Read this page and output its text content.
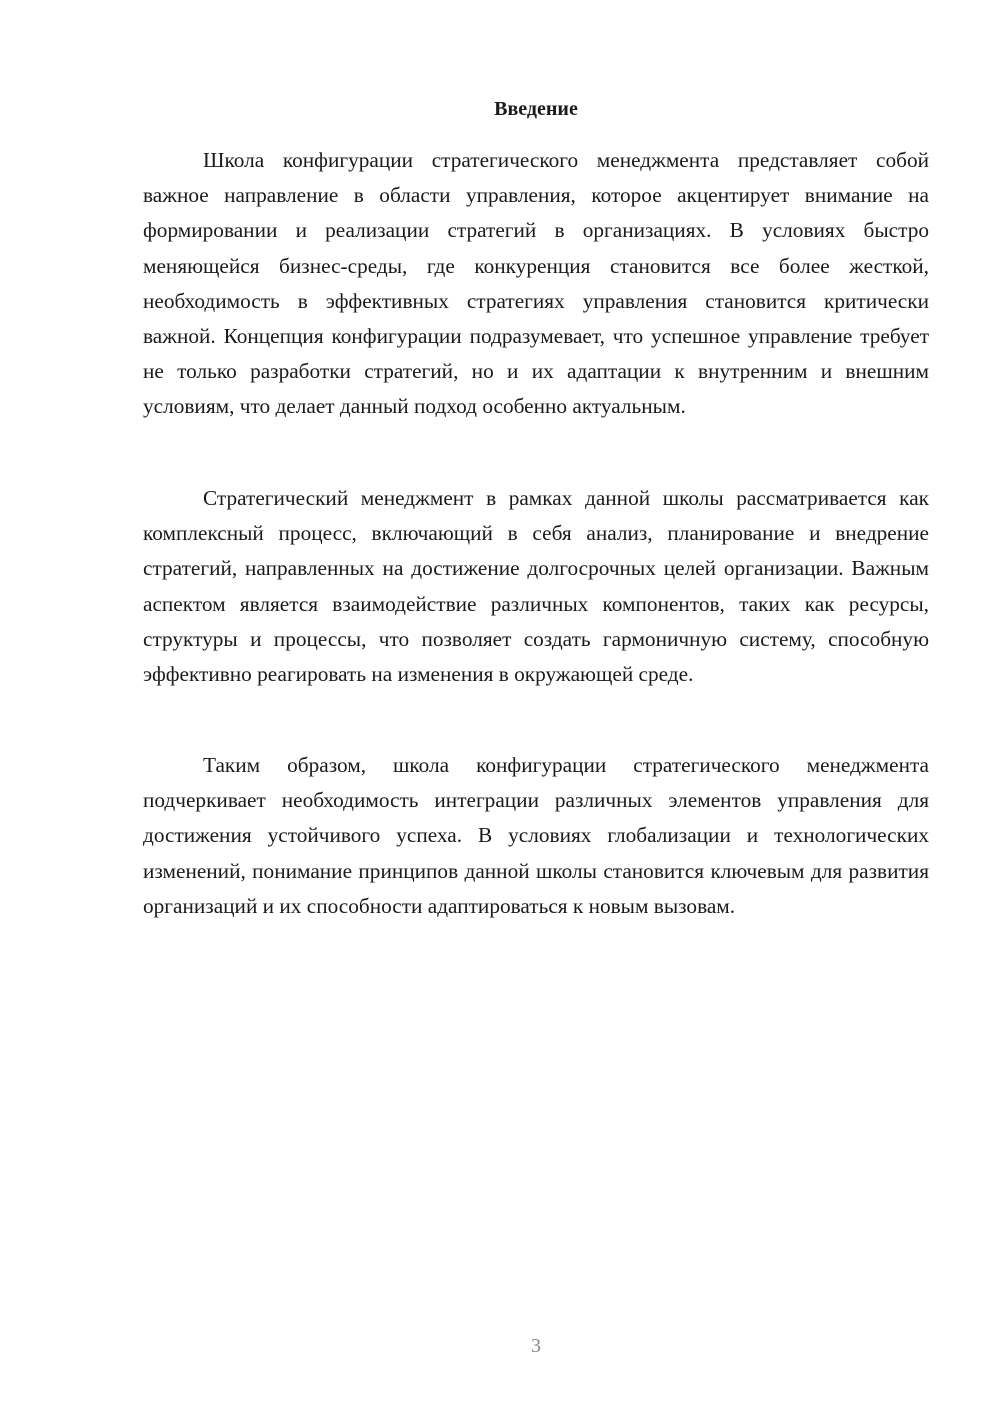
Введение

Школа конфигурации стратегического менеджмента представляет собой важное направление в области управления, которое акцентирует внимание на формировании и реализации стратегий в организациях. В условиях быстро меняющейся бизнес-среды, где конкуренция становится все более жесткой, необходимость в эффективных стратегиях управления становится критически важной. Концепция конфигурации подразумевает, что успешное управление требует не только разработки стратегий, но и их адаптации к внутренним и внешним условиям, что делает данный подход особенно актуальным.

Стратегический менеджмент в рамках данной школы рассматривается как комплексный процесс, включающий в себя анализ, планирование и внедрение стратегий, направленных на достижение долгосрочных целей организации. Важным аспектом является взаимодействие различных компонентов, таких как ресурсы, структуры и процессы, что позволяет создать гармоничную систему, способную эффективно реагировать на изменения в окружающей среде.

Таким образом, школа конфигурации стратегического менеджмента подчеркивает необходимость интеграции различных элементов управления для достижения устойчивого успеха. В условиях глобализации и технологических изменений, понимание принципов данной школы становится ключевым для развития организаций и их способности адаптироваться к новым вызовам.

3
